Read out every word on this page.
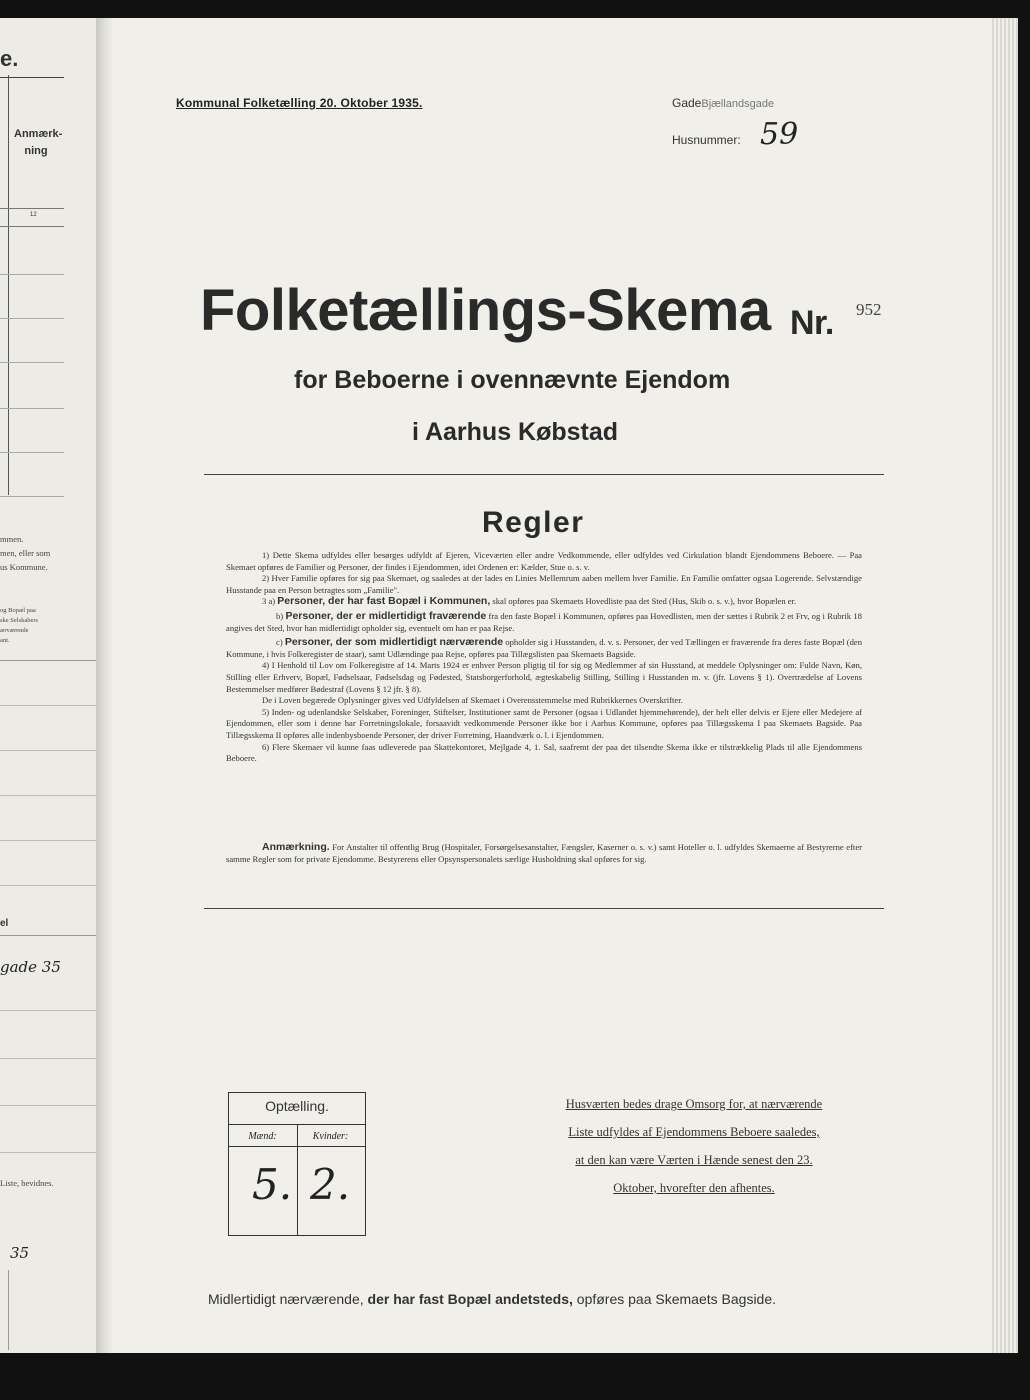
e.
Anmærk-
ning
12
mmen.
men, eller som
us Kommune.
og Bopæl paa
ske Selskabers
ærværende
ant.
el
gade 35
Liste, bevidnes.
35
Kommunal Folketælling 20. Oktober 1935.	GadeBjællandsgade
Husnummer: 59
Folketællings-Skema Nr. 952
for Beboerne i ovennævnte Ejendom
i Aarhus Købstad
Regler

1) Dette Skema udfyldes eller besørges udfyldt af Ejeren, Viceværten eller andre Vedkommende, eller udfyldes ved Cirkulation blandt Ejendommens Beboere. — Paa Skemaet opføres de Familier og Personer, der findes i Ejendommen, idet Ordenen er: Kælder, Stue o. s. v.

2) Hver Familie opføres for sig paa Skemaet, og saaledes at der lades en Linies Mellemrum aaben mellem hver Familie. En Familie omfatter ogsaa Logerende. Selvstændige Husstande paa en Person betragtes som „Familie".

3 a) Personer, der har fast Bopæl i Kommunen, skal opføres paa Skemaets Hovedliste paa det Sted (Hus, Skib o. s. v.), hvor Bopælen er.

b) Personer, der er midlertidigt fraværende fra den faste Bopæl i Kommunen, opføres paa Hovedlisten, men der sættes i Rubrik 2 et Frv, og i Rubrik 18 angives det Sted, hvor han midlertidigt opholder sig, eventuelt om han er paa Rejse.

c) Personer, der som midlertidigt nærværende opholder sig i Husstanden, d. v. s. Personer, der ved Tællingen er fraværende fra deres faste Bopæl (den Kommune, i hvis Folkeregister de staar), samt Udlændinge paa Rejse, opføres paa Tillægslisten paa Skemaets Bagside.

4) I Henhold til Lov om Folkeregistre af 14. Marts 1924 er enhver Person pligtig til for sig og Medlemmer af sin Husstand, at meddele Oplysninger om: Fulde Navn, Køn, Stilling eller Erhverv, Bopæl, Fødselsaar, Fødselsdag og Fødested, Statsborgerforhold, ægteskabelig Stilling, Stilling i Husstanden m. v. (jfr. Lovens § 1). Overtrædelse af Lovens Bestemmelser medfører Bødestraf (Lovens § 12 jfr. § 8).

De i Loven begærede Oplysninger gives ved Udfyldelsen af Skemaet i Overensstemmelse med Rubrikkernes Overskrifter.

5) Inden- og udenlandske Selskaber, Foreninger, Stiftelser, Institutioner samt de Personer (ogsaa i Udlandet hjemmehørende), der helt eller delvis er Ejere eller Medejere af Ejendommen, eller som i denne har Forretningslokale, forsaavidt vedkommende Personer ikke bor i Aarhus Kommune, opføres paa Tillægsskema I paa Skemaets Bagside. Paa Tillægsskema II opføres alle indenbysboende Personer, der driver Forretning, Haandværk o. l. i Ejendommen.

6) Flere Skemaer vil kunne faas udleverede paa Skattekontoret, Mejlgade 4, 1. Sal, saafremt der paa det tilsendte Skema ikke er tilstrækkelig Plads til alle Ejendommens Beboere.

Anmærkning. For Anstalter til offentlig Brug (Hospitaler, Forsørgelsesanstalter, Fængsler, Kaserner o. s. v.) samt Hoteller o. l. udfyldes Skemaerne af Bestyrerne efter samme Regler som for private Ejendomme. Bestyrerens eller Opsynspersonalets særlige Husholdning skal opføres for sig.

Optælling.
Mænd:	Kvinder:
5. 2.

Husværten bedes drage Omsorg for, at nærværende

Liste udfyldes af Ejendommens Beboere saaledes,

at den kan være Værten i Hænde senest den 23.

Oktober, hvorefter den afhentes.

Midlertidigt nærværende, der har fast Bopæl andetsteds, opføres paa Skemaets Bagside.
